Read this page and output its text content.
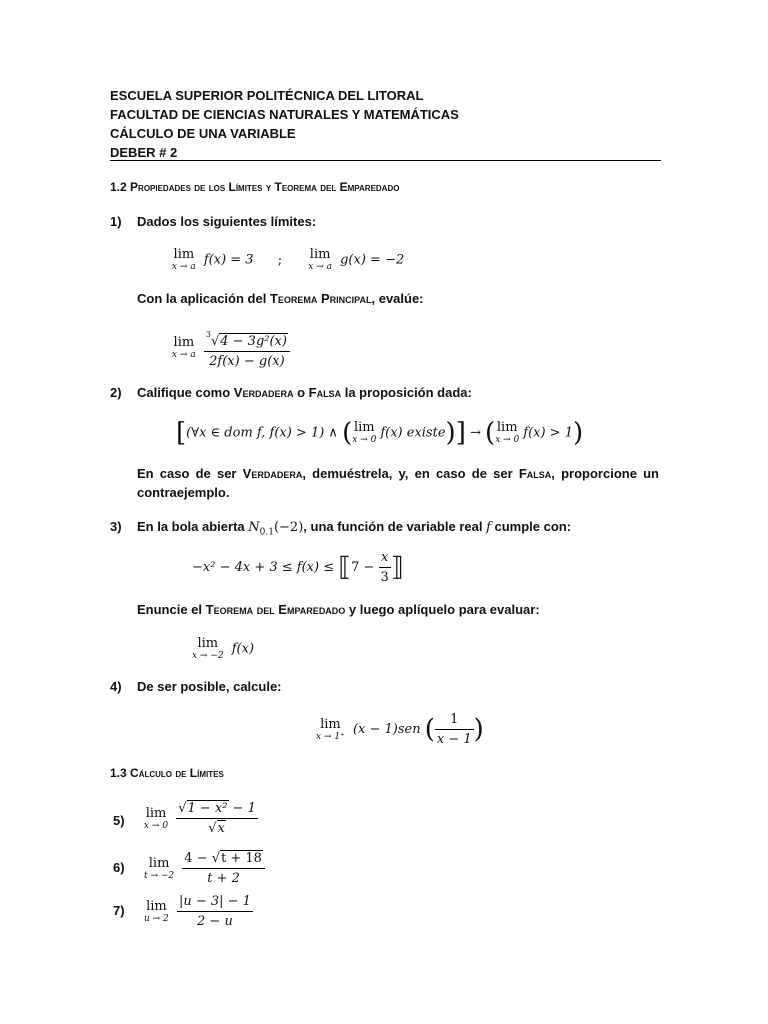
ESCUELA SUPERIOR POLITÉCNICA DEL LITORAL
FACULTAD DE CIENCIAS NATURALES Y MATEMÁTICAS
CÁLCULO DE UNA VARIABLE
DEBER # 2
1.2 Propiedades de los Límites y Teorema del Emparedado
1) Dados los siguientes límites:
lim
x → a f(x) = 3 ; lim
x → a g(x) = −2
Con la aplicación del Teorema Principal, evalúe:
lim
x → a
$\frac{^3√4 - 3g^2(x)}{2f(x) - g(x)}$
2) Califique como Verdadera o Falsa la proposición dada:
[(∀x ∈ dom f, f(x) > 1) ∧ ( lim
x → 0 f(x) existe)] → ( lim
x → 0 f(x) > 1)
En caso de ser Verdadera, demuéstrela, y, en caso de ser Falsa, proporcione un contraejemplo.
3) En la bola abierta $N_{0.1}(-2)$, una función de variable real f cumple con:
−x² − 4x + 3 ≤ f(x) ≤ ⟦7 − $\frac{x}{3}$ ⟧
Enuncie el Teorema del Emparedado y luego aplíquelo para evaluar:
lim
x → −2 f(x)
4) De ser posible, calcule:
lim
x → 1⁺ (x − 1)sen ( $\frac{1}{x - 1}$ )
1.3 Cálculo de Límites
5) lim
x → 0
$\frac{\text{√1 − x² − 1}}{√x}$
6)	lim
t → −2
$\frac{4 - √t + 18}{t + 2}$
7) lim
u → 2
$\frac{|u - 3| - 1}{2 - u}$
